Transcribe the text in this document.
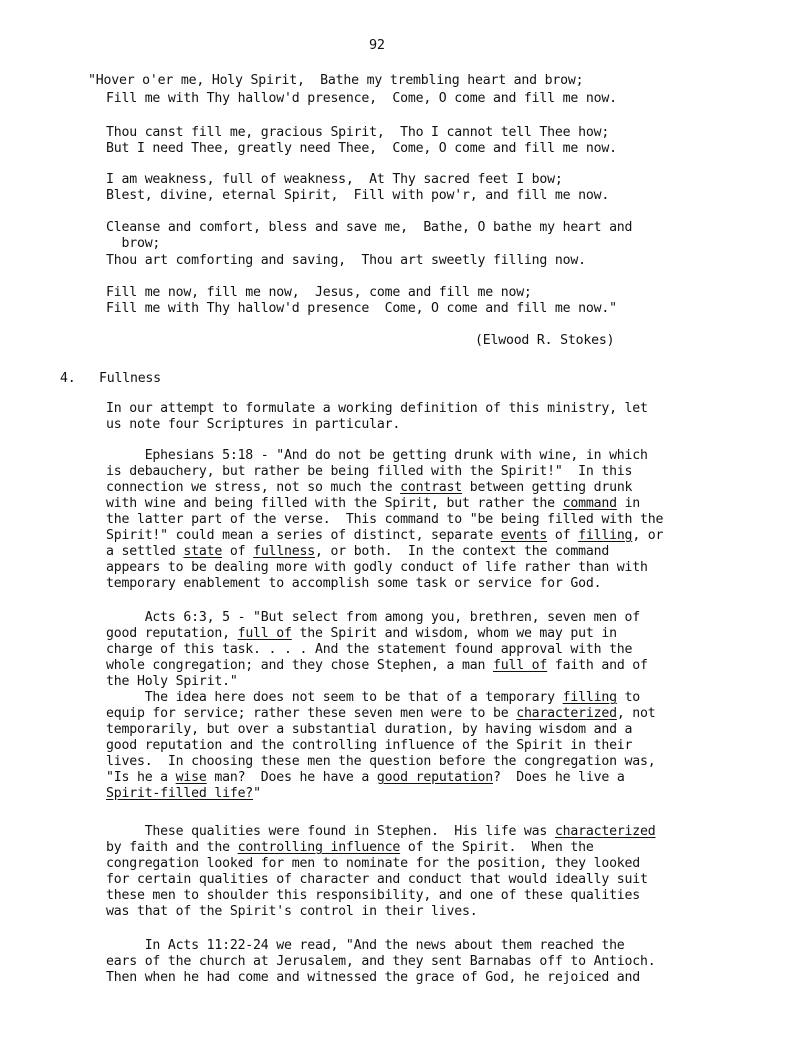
92
"Hover o'er me, Holy Spirit,  Bathe my trembling heart and brow;
Fill me with Thy hallow'd presence,  Come, O come and fill me now.
Thou canst fill me, gracious Spirit,  Tho I cannot tell Thee how;
But I need Thee, greatly need Thee,  Come, O come and fill me now.
I am weakness, full of weakness,  At Thy sacred feet I bow;
Blest, divine, eternal Spirit,  Fill with pow'r, and fill me now.
Cleanse and comfort, bless and save me,  Bathe, O bathe my heart and
brow;
Thou art comforting and saving,  Thou art sweetly filling now.
Fill me now, fill me now,  Jesus, come and fill me now;
Fill me with Thy hallow'd presence  Come, O come and fill me now."
(Elwood R. Stokes)
4. Fullness
In our attempt to formulate a working definition of this ministry, let
us note four Scriptures in particular.
Ephesians 5:18 - "And do not be getting drunk with wine, in which
is debauchery, but rather be being filled with the Spirit!"  In this
connection we stress, not so much the contrast between getting drunk
with wine and being filled with the Spirit, but rather the command in
the latter part of the verse.  This command to "be being filled with the
Spirit!" could mean a series of distinct, separate events of filling, or
a settled state of fullness, or both.  In the context the command
appears to be dealing more with godly conduct of life rather than with
temporary enablement to accomplish some task or service for God.
Acts 6:3, 5 - "But select from among you, brethren, seven men of
good reputation, full of the Spirit and wisdom, whom we may put in
charge of this task. . . . And the statement found approval with the
whole congregation; and they chose Stephen, a man full of faith and of
the Holy Spirit."
The idea here does not seem to be that of a temporary filling to
equip for service; rather these seven men were to be characterized, not
temporarily, but over a substantial duration, by having wisdom and a
good reputation and the controlling influence of the Spirit in their
lives.  In choosing these men the question before the congregation was,
"Is he a wise man?  Does he have a good reputation?  Does he live a
Spirit-filled life?"
These qualities were found in Stephen.  His life was characterized
by faith and the controlling influence of the Spirit.  When the
congregation looked for men to nominate for the position, they looked
for certain qualities of character and conduct that would ideally suit
these men to shoulder this responsibility, and one of these qualities
was that of the Spirit's control in their lives.
In Acts 11:22-24 we read, "And the news about them reached the
ears of the church at Jerusalem, and they sent Barnabas off to Antioch.
Then when he had come and witnessed the grace of God, he rejoiced and
